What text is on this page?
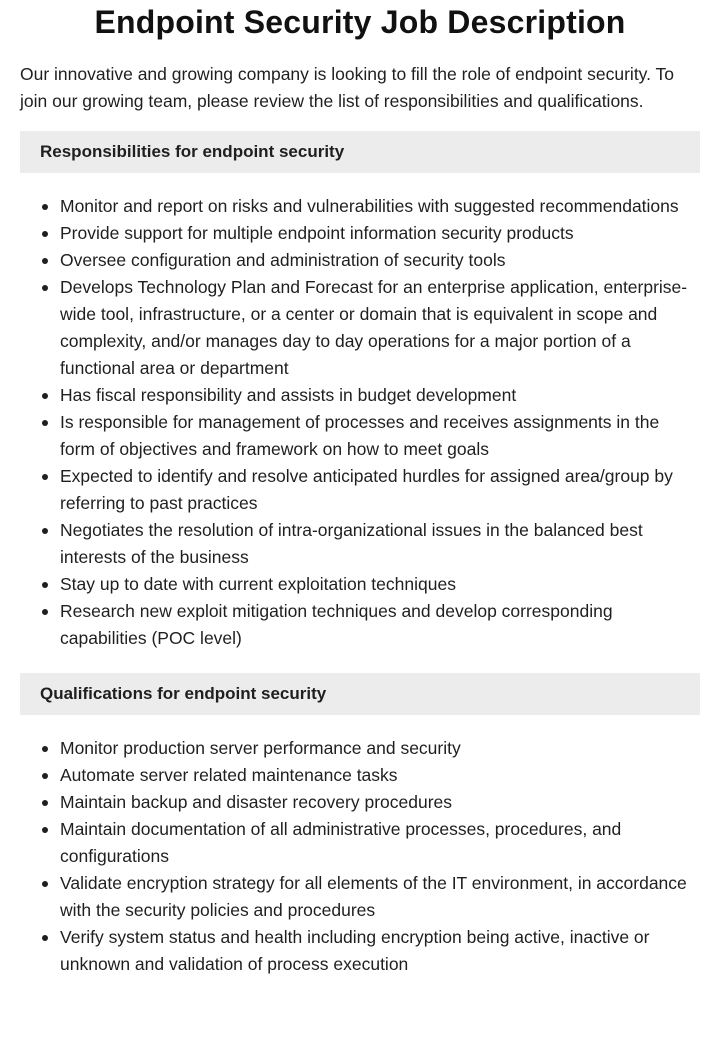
Endpoint Security Job Description

Our innovative and growing company is looking to fill the role of endpoint security. To join our growing team, please review the list of responsibilities and qualifications.

Responsibilities for endpoint security
Monitor and report on risks and vulnerabilities with suggested recommendations
Provide support for multiple endpoint information security products
Oversee configuration and administration of security tools
Develops Technology Plan and Forecast for an enterprise application, enterprise-wide tool, infrastructure, or a center or domain that is equivalent in scope and complexity, and/or manages day to day operations for a major portion of a functional area or department
Has fiscal responsibility and assists in budget development
Is responsible for management of processes and receives assignments in the form of objectives and framework on how to meet goals
Expected to identify and resolve anticipated hurdles for assigned area/group by referring to past practices
Negotiates the resolution of intra-organizational issues in the balanced best interests of the business
Stay up to date with current exploitation techniques
Research new exploit mitigation techniques and develop corresponding capabilities (POC level)
Qualifications for endpoint security
Monitor production server performance and security
Automate server related maintenance tasks
Maintain backup and disaster recovery procedures
Maintain documentation of all administrative processes, procedures, and configurations
Validate encryption strategy for all elements of the IT environment, in accordance with the security policies and procedures
Verify system status and health including encryption being active, inactive or unknown and validation of process execution
